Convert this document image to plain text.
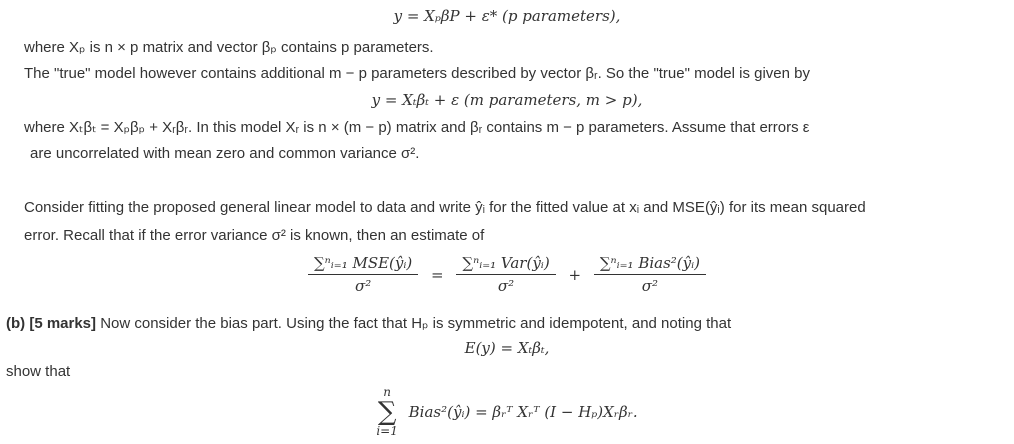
y = XₚβP + ε* (p parameters),
where Xₚ is n × p matrix and vector βₚ contains p parameters.
The "true" model however contains additional m − p parameters described by vector βᵣ. So the "true" model is given by
y = Xₜβₜ + ε (m parameters, m > p),
where Xₜβₜ = Xₚβₚ + Xᵣβᵣ. In this model Xᵣ is n × (m − p) matrix and βᵣ contains m − p parameters. Assume that errors ε
are uncorrelated with mean zero and common variance σ².
Consider fitting the proposed general linear model to data and write ŷᵢ for the fitted value at xᵢ and MSE(ŷᵢ) for its mean squared
error. Recall that if the error variance σ² is known, then an estimate of
$\frac{\text{∑ⁿᵢ₌₁ MSE(ŷᵢ)}}{\text{σ²}} = \frac{\text{∑ⁿᵢ₌₁ Var(ŷᵢ)}}{\text{σ²}} + \frac{\text{∑ⁿᵢ₌₁ Bias²(ŷᵢ)}}{\text{σ²}}$
(b) [5 marks] Now consider the bias part. Using the fact that Hₚ is symmetric and idempotent, and noting that
E(y) = Xₜβₜ,
show that
n
∑
i=1
Bias²(ŷᵢ) = βᵣᵀ Xᵣᵀ (I − Hₚ)Xᵣβᵣ.
